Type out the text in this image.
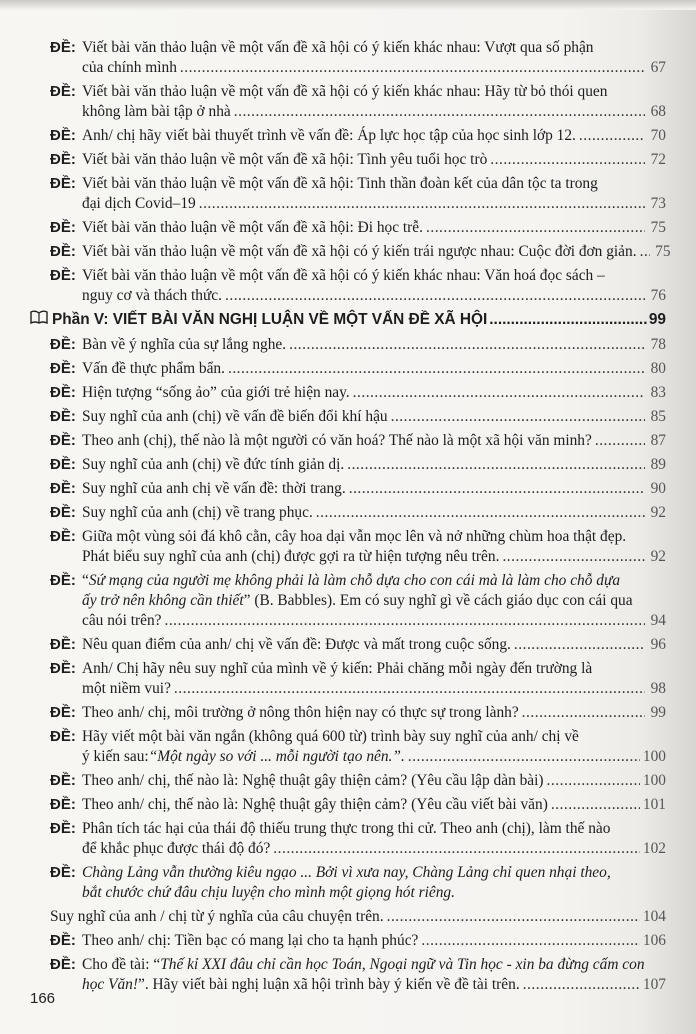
ĐỀ: Viết bài văn thảo luận về một vấn đề xã hội có ý kiến khác nhau: Vượt qua số phận
của chính mình .....	67
ĐỀ: Viết bài văn thảo luận về một vấn đề xã hội có ý kiến khác nhau: Hãy từ bỏ thói quen
không làm bài tập ở nhà .....	68
ĐỀ: Anh/ chị hãy viết bài thuyết trình về vấn đề: Áp lực học tập của học sinh lớp 12. .....	70
ĐỀ: Viết bài văn thảo luận về một vấn đề xã hội: Tình yêu tuổi học trò .....	72
ĐỀ: Viết bài văn thảo luận về một vấn đề xã hội: Tinh thần đoàn kết của dân tộc ta trong
đại dịch Covid–19 .....	73
ĐỀ: Viết bài văn thảo luận về một vấn đề xã hội: Đi học trễ. .....	75
ĐỀ: Viết bài văn thảo luận về một vấn đề xã hội có ý kiến trái ngược nhau: Cuộc đời đơn giản. ..... 75
ĐỀ: Viết bài văn thảo luận về một vấn đề xã hội có ý kiến khác nhau: Văn hoá đọc sách –
nguy cơ và thách thức. .....	76
Phần V: VIẾT BÀI VĂN NGHỊ LUẬN VỀ MỘT VẤN ĐỀ XÃ HỘI .....	99
ĐỀ: Bàn về ý nghĩa của sự lắng nghe. .....	78
ĐỀ: Vấn đề thực phẩm bẩn. .....	80
ĐỀ: Hiện tượng “sống ảo” của giới trẻ hiện nay. .....	83
ĐỀ: Suy nghĩ của anh (chị) về vấn đề biến đổi khí hậu .....	85
ĐỀ: Theo anh (chị), thế nào là một người có văn hoá? Thế nào là một xã hội văn minh? .....	87
ĐỀ: Suy nghĩ của anh (chị) về đức tính giản dị. .....	89
ĐỀ: Suy nghĩ của anh chị về vấn đề: thời trang. .....	90
ĐỀ: Suy nghĩ của anh (chị) về trang phục. .....	92
ĐỀ: Giữa một vùng sỏi đá khô cằn, cây hoa dại vẫn mọc lên và nở những chùm hoa thật đẹp.
Phát biểu suy nghĩ của anh (chị) được gợi ra từ hiện tượng nêu trên. .....	92
ĐỀ: “ Sứ mạng của người mẹ không phải là làm chỗ dựa cho con cái mà là làm cho chỗ dựa
ấy trở nên không cần thiết ” (B. Babbles). Em có suy nghĩ gì về cách giáo dục con cái qua
câu nói trên? .....	94
ĐỀ: Nêu quan điểm của anh/ chị về vấn đề: Được và mất trong cuộc sống. .....	96
ĐỀ: Anh/ Chị hãy nêu suy nghĩ của mình về ý kiến: Phải chăng mỗi ngày đến trường là
một niềm vui? .....	98
ĐỀ: Theo anh/ chị, môi trường ở nông thôn hiện nay có thực sự trong lành? .....	99
ĐỀ: Hãy viết một bài văn ngắn (không quá 600 từ) trình bày suy nghĩ của anh/ chị về
ý kiến sau: “Một ngày so với ... mỗi người tạo nên.”. .....	100
ĐỀ: Theo anh/ chị, thế nào là: Nghệ thuật gây thiện cảm? (Yêu cầu lập dàn bài) .....	100
ĐỀ: Theo anh/ chị, thế nào là: Nghệ thuật gây thiện cảm? (Yêu cầu viết bài văn) .....	101
ĐỀ: Phân tích tác hại của thái độ thiếu trung thực trong thi cử. Theo anh (chị), làm thế nào
để khắc phục được thái độ đó? .....	102
ĐỀ: Chàng Lảng vẫn thường kiêu ngạo ... Bởi vì xưa nay, Chàng Lảng chỉ quen nhại theo,
bắt chước chứ đâu chịu luyện cho mình một giọng hót riêng.
Suy nghĩ của anh / chị từ ý nghĩa của câu chuyện trên. .....	104
ĐỀ: Theo anh/ chị: Tiền bạc có mang lại cho ta hạnh phúc? .....	106
ĐỀ: Cho đề tài: “ Thế kỉ XXI đâu chỉ cần học Toán, Ngoại ngữ và Tin học - xin ba đừng cấm con
học Văn! ”. Hãy viết bài nghị luận xã hội trình bày ý kiến về đề tài trên. .....	107
166
